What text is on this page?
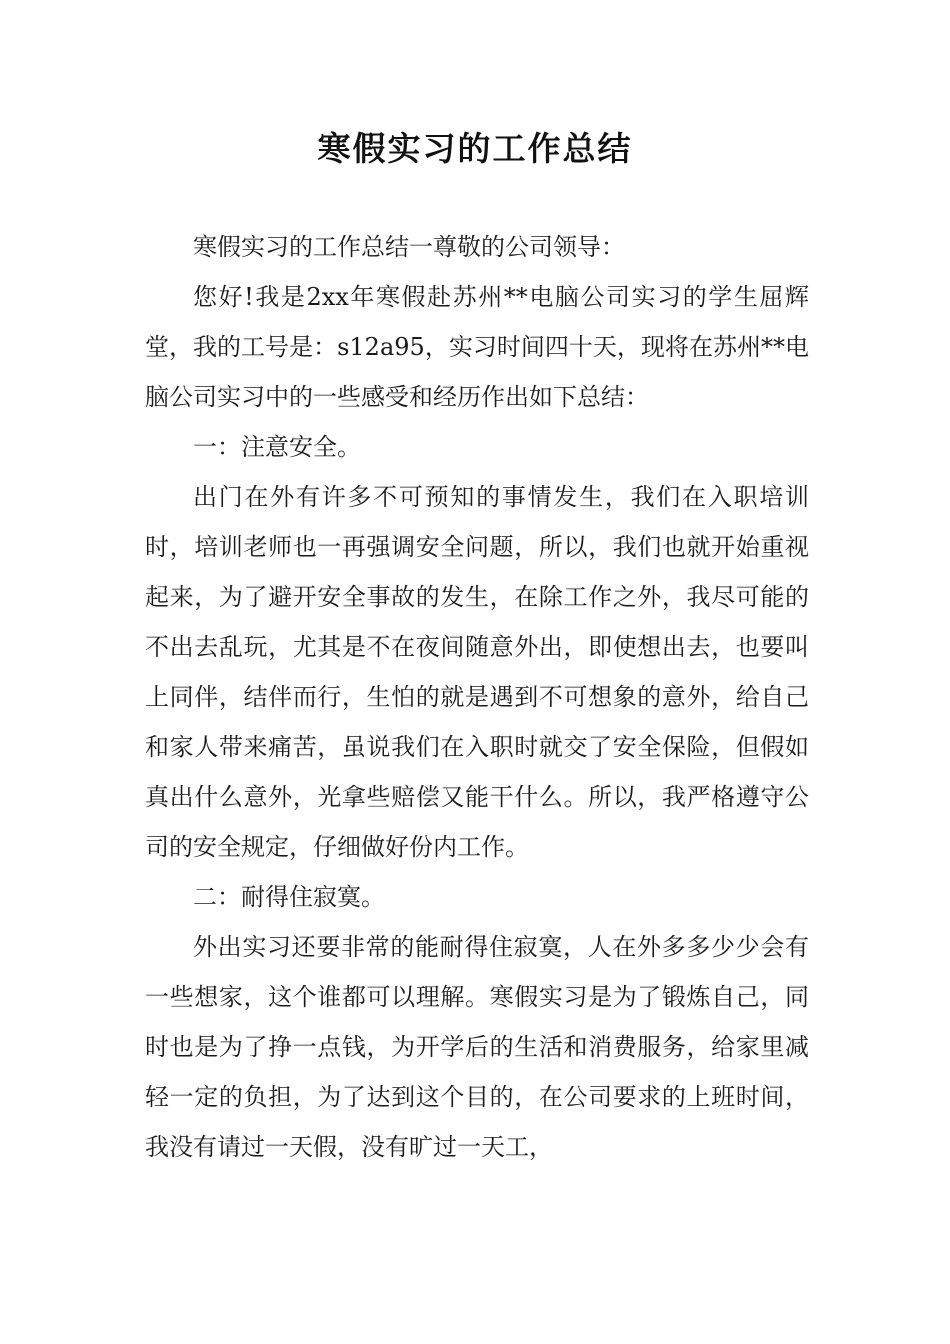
寒假实习的工作总结

寒假实习的工作总结一尊敬的公司领导：

您好!我是2xx年寒假赴苏州**电脑公司实习的学生屈辉堂，我的工号是：s12a95，实习时间四十天，现将在苏州**电脑公司实习中的一些感受和经历作出如下总结：

一：注意安全。

出门在外有许多不可预知的事情发生，我们在入职培训时，培训老师也一再强调安全问题，所以，我们也就开始重视起来，为了避开安全事故的发生，在除工作之外，我尽可能的不出去乱玩，尤其是不在夜间随意外出，即使想出去，也要叫上同伴，结伴而行，生怕的就是遇到不可想象的意外，给自己和家人带来痛苦，虽说我们在入职时就交了安全保险，但假如真出什么意外，光拿些赔偿又能干什么。所以，我严格遵守公司的安全规定，仔细做好份内工作。

二：耐得住寂寞。

外出实习还要非常的能耐得住寂寞，人在外多多少少会有一些想家，这个谁都可以理解。寒假实习是为了锻炼自己，同时也是为了挣一点钱，为开学后的生活和消费服务，给家里减轻一定的负担，为了达到这个目的，在公司要求的上班时间，我没有请过一天假，没有旷过一天工，
